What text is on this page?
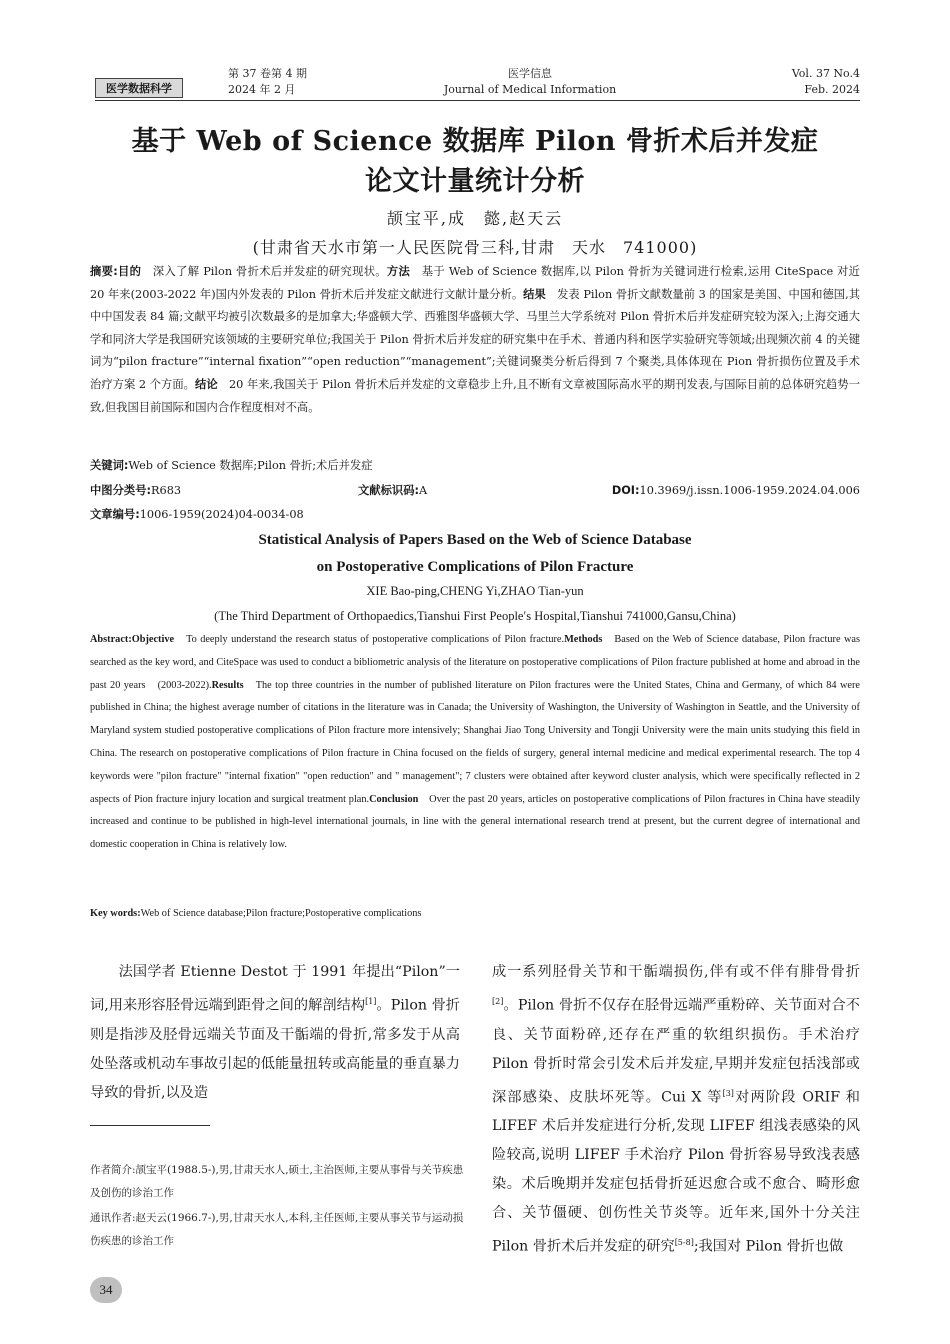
医学数据科学
第 37 卷第 4 期
2024 年 2 月
医学信息
Journal of Medical Information
Vol. 37 No.4
Feb. 2024
基于 Web of Science 数据库 Pilon 骨折术后并发症
论文计量统计分析
颉宝平,成　懿,赵天云
(甘肃省天水市第一人民医院骨三科,甘肃　天水　741000)
摘要:目的　深入了解 Pilon 骨折术后并发症的研究现状。方法　基于 Web of Science 数据库,以 Pilon 骨折为关键词进行检索,运用 CiteSpace 对近 20 年来(2003-2022 年)国内外发表的 Pilon 骨折术后并发症文献进行文献计量分析。结果　发表 Pilon 骨折文献数量前 3 的国家是美国、中国和德国,其中中国发表 84 篇;文献平均被引次数最多的是加拿大;华盛顿大学、西雅图华盛顿大学、马里兰大学系统对 Pilon 骨折术后并发症研究较为深入;上海交通大学和同济大学是我国研究该领域的主要研究单位;我国关于 Pilon 骨折术后并发症的研究集中在手术、普通内科和医学实验研究等领域;出现频次前 4 的关键词为“pilon fracture”“internal fixation”“open reduction”“management”;关键词聚类分析后得到 7 个聚类,具体体现在 Pion 骨折损伤位置及手术治疗方案 2 个方面。结论　20 年来,我国关于 Pilon 骨折术后并发症的文章稳步上升,且不断有文章被国际高水平的期刊发表,与国际目前的总体研究趋势一致,但我国目前国际和国内合作程度相对不高。
关键词:Web of Science 数据库;Pilon 骨折;术后并发症
中图分类号:R683	文献标识码:A	DOI:10.3969/j.issn.1006-1959.2024.04.006
文章编号:1006-1959(2024)04-0034-08
Statistical Analysis of Papers Based on the Web of Science Database
on Postoperative Complications of Pilon Fracture
XIE Bao-ping,CHENG Yi,ZHAO Tian-yun
(The Third Department of Orthopaedics,Tianshui First People′s Hospital,Tianshui 741000,Gansu,China)
Abstract:Objective　To deeply understand the research status of postoperative complications of Pilon fracture.Methods　Based on the Web of Science database, Pilon fracture was searched as the key word, and CiteSpace was used to conduct a bibliometric analysis of the literature on postoperative complications of Pilon fracture published at home and abroad in the past 20 years　(2003-2022).Results　The top three countries in the number of published literature on Pilon fractures were the United States, China and Germany, of which 84 were published in China; the highest average number of citations in the literature was in Canada; the University of Washington, the University of Washington in Seattle, and the University of Maryland system studied postoperative complications of Pilon fracture more intensively; Shanghai Jiao Tong University and Tongji University were the main units studying this field in China. The research on postoperative complications of Pilon fracture in China focused on the fields of surgery, general internal medicine and medical experimental research. The top 4 keywords were "pilon fracture" "internal fixation" "open reduction" and " management"; 7 clusters were obtained after keyword cluster analysis, which were specifically reflected in 2 aspects of Pion fracture injury location and surgical treatment plan.Conclusion　Over the past 20 years, articles on postoperative complications of Pilon fractures in China have steadily increased and continue to be published in high-level international journals, in line with the general international research trend at present, but the current degree of international and domestic cooperation in China is relatively low.
Key words:Web of Science database;Pilon fracture;Postoperative complications
　　法国学者 Etienne Destot 于 1991 年提出“Pilon”一词,用来形容胫骨远端到距骨之间的解剖结构[1]。Pilon 骨折则是指涉及胫骨远端关节面及干骺端的骨折,常多发于从高处坠落或机动车事故引起的低能量扭转或高能量的垂直暴力导致的骨折,以及造
成一系列胫骨关节和干骺端损伤,伴有或不伴有腓骨骨折[2]。Pilon 骨折不仅存在胫骨远端严重粉碎、关节面对合不良、关节面粉碎,还存在严重的软组织损伤。手术治疗 Pilon 骨折时常会引发术后并发症,早期并发症包括浅部或深部感染、皮肤坏死等。Cui X 等[3]对两阶段 ORIF 和 LIFEF 术后并发症进行分析,发现 LIFEF 组浅表感染的风险较高,说明 LIFEF 手术治疗 Pilon 骨折容易导致浅表感染。术后晚期并发症包括骨折延迟愈合或不愈合、畸形愈合、关节僵硬、创伤性关节炎等。近年来,国外十分关注 Pilon 骨折术后并发症的研究[5-8];我国对 Pilon 骨折也做
作者简介:颉宝平(1988.5-),男,甘肃天水人,硕士,主治医师,主要从事骨与关节疾患及创伤的诊治工作
通讯作者:赵天云(1966.7-),男,甘肃天水人,本科,主任医师,主要从事关节与运动损伤疾患的诊治工作
34
